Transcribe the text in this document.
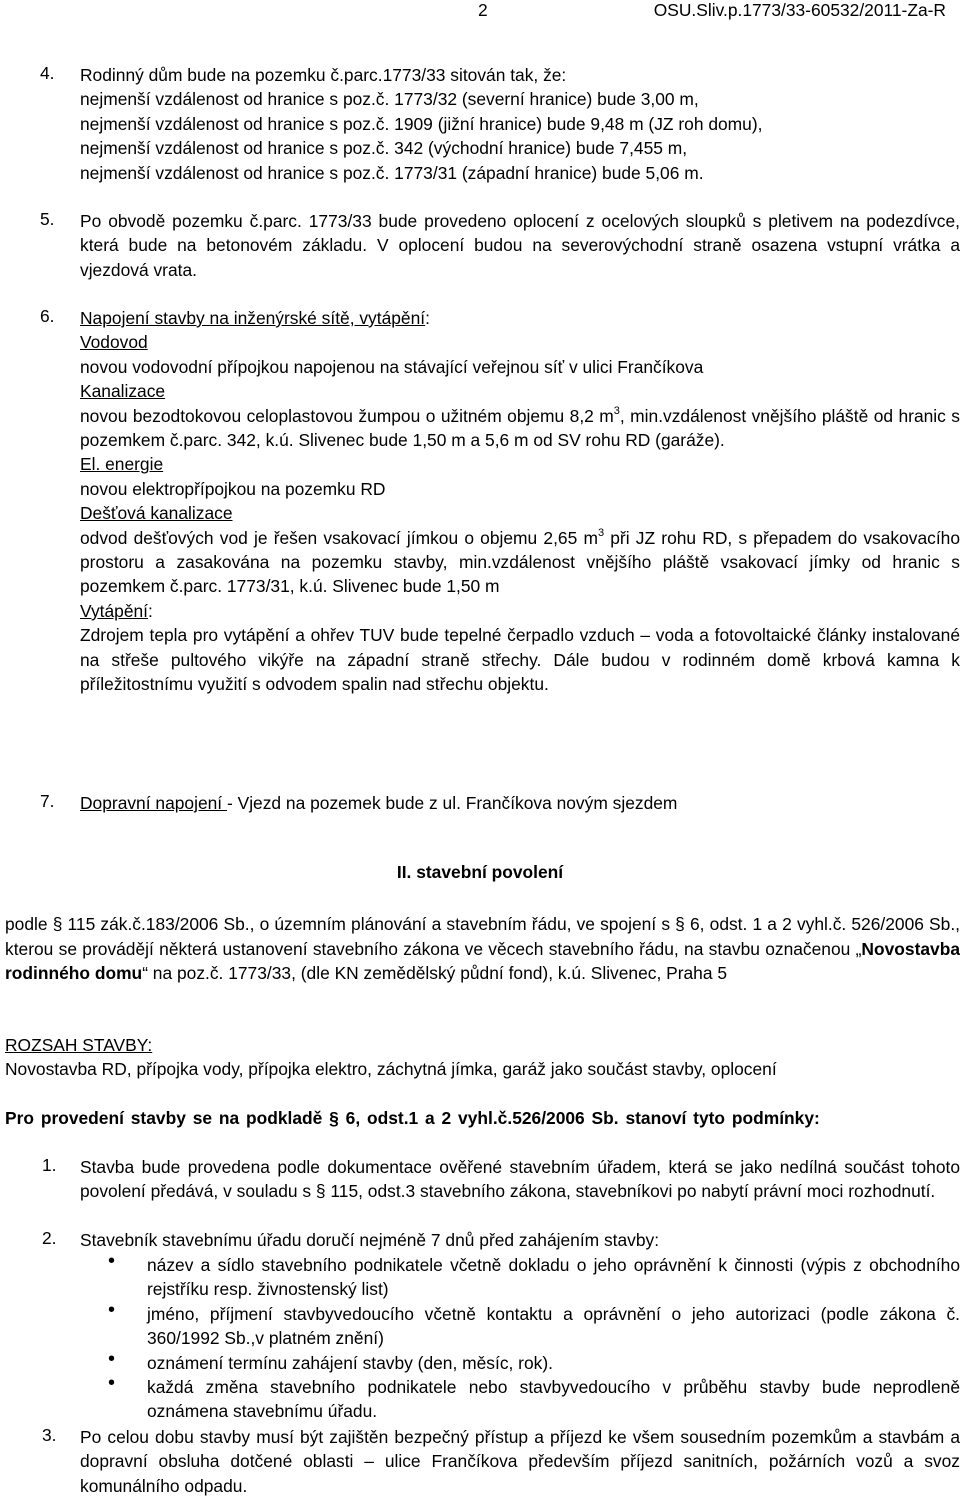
2	OSU.Sliv.p.1773/33-60532/2011-Za-R
4. Rodinný dům bude na pozemku č.parc.1773/33 sitován tak, že:
nejmenší vzdálenost od hranice s poz.č. 1773/32 (severní hranice) bude 3,00 m,
nejmenší vzdálenost od hranice s poz.č. 1909 (jižní hranice) bude 9,48 m (JZ roh domu),
nejmenší vzdálenost od hranice s poz.č. 342 (východní hranice) bude 7,455 m,
nejmenší vzdálenost od hranice s poz.č. 1773/31 (západní hranice) bude 5,06 m.
5. Po obvodě pozemku č.parc. 1773/33 bude provedeno oplocení z ocelových sloupků s pletivem na podezdívce, která bude na betonovém základu. V oplocení budou na severovýchodní straně osazena vstupní vrátka a vjezdová vrata.
6. Napojení stavby na inženýrské sítě, vytápění:
Vodovod
novou vodovodní přípojkou napojenou na stávající veřejnou síť v ulici Frančíkova
Kanalizace
novou bezodtokovou celoplastovou žumpou o užitném objemu 8,2 $m^3$, min.vzdálenost vnějšího pláště od hranic s pozemkem č.parc. 342, k.ú. Slivenec bude 1,50 m a 5,6 m od SV rohu RD (garáže).
El. energie
novou elektropřípojkou na pozemku RD
Dešťová kanalizace
odvod dešťových vod je řešen vsakovací jímkou o objemu 2,65 $m^3$ při JZ rohu RD, s přepadem do vsakovacího prostoru a zasakována na pozemku stavby, min.vzdálenost vnějšího pláště vsakovací jímky od hranic s pozemkem č.parc. 1773/31, k.ú. Slivenec bude 1,50 m
Vytápění:
Zdrojem tepla pro vytápění a ohřev TUV bude tepelné čerpadlo vzduch – voda a fotovoltaické články instalované na střeše pultového vikýře na západní straně střechy. Dále budou v rodinném domě krbová kamna k příležitostnímu využití s odvodem spalin nad střechu objektu.
7. Dopravní napojení - Vjezd na pozemek bude z ul. Frančíkova novým sjezdem
II. stavební povolení
podle § 115 zák.č.183/2006 Sb., o územním plánování a stavebním řádu, ve spojení s § 6, odst. 1 a 2 vyhl.č. 526/2006 Sb., kterou se provádějí některá ustanovení stavebního zákona ve věcech stavebního řádu, na stavbu označenou „Novostavba rodinného domu“ na poz.č. 1773/33, (dle KN zemědělský půdní fond), k.ú. Slivenec, Praha 5
ROZSAH STAVBY:
Novostavba RD, přípojka vody, přípojka elektro, záchytná jímka, garáž jako součást stavby, oplocení
Pro provedení stavby se na podkladě § 6, odst.1 a 2 vyhl.č.526/2006 Sb. stanoví tyto podmínky:
1. Stavba bude provedena podle dokumentace ověřené stavebním úřadem, která se jako nedílná součást tohoto povolení předává, v souladu s § 115, odst.3 stavebního zákona, stavebníkovi po nabytí právní moci rozhodnutí.
2. Stavebník stavebnímu úřadu doručí nejméně 7 dnů před zahájením stavby:
• název a sídlo stavebního podnikatele včetně dokladu o jeho oprávnění k činnosti (výpis z obchodního rejstříku resp. živnostenský list)
• jméno, příjmení stavbyvedoucího včetně kontaktu a oprávnění o jeho autorizaci (podle zákona č. 360/1992 Sb.,v platném znění)
• oznámení termínu zahájení stavby (den, měsíc, rok).
• každá změna stavebního podnikatele nebo stavbyvedoucího v průběhu stavby bude neprodleně oznámena stavebnímu úřadu.
3. Po celou dobu stavby musí být zajištěn bezpečný přístup a příjezd ke všem sousedním pozemkům a stavbám a dopravní obsluha dotčené oblasti – ulice Frančíkova především příjezd sanitních, požárních vozů a svoz komunálního odpadu.
